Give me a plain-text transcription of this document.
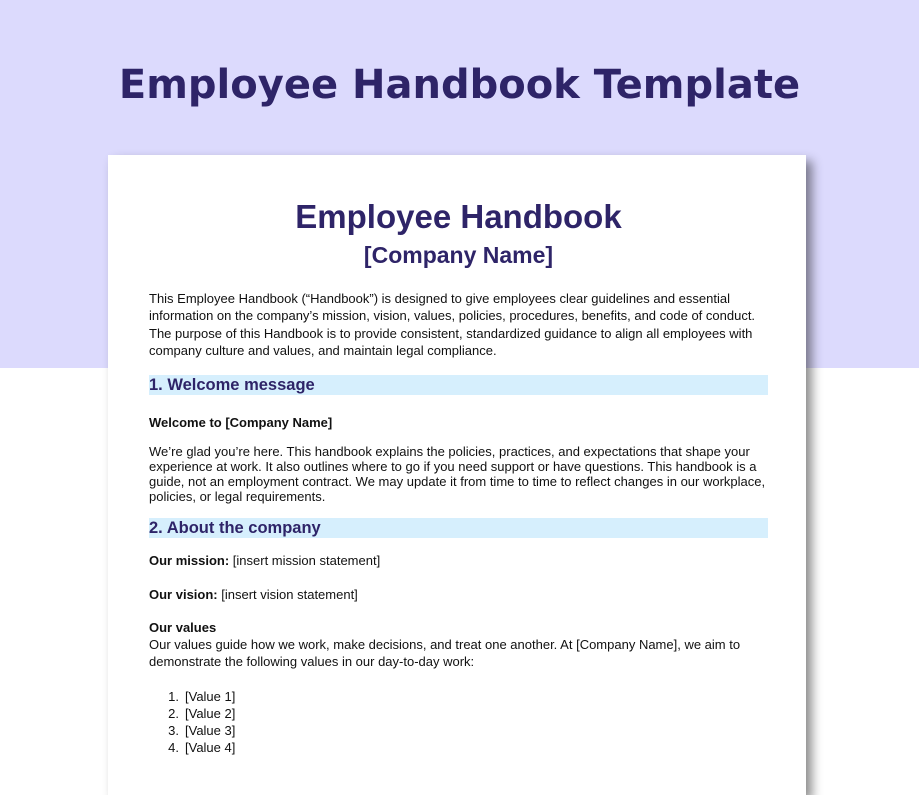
Employee Handbook Template
Employee Handbook
[Company Name]

This Employee Handbook (“Handbook”) is designed to give employees clear guidelines and essential information on the company’s mission, vision, values, policies, procedures, benefits, and code of conduct. The purpose of this Handbook is to provide consistent, standardized guidance to align all employees with company culture and values, and maintain legal compliance.

1. Welcome message

Welcome to [Company Name]

We’re glad you’re here. This handbook explains the policies, practices, and expectations that shape your experience at work. It also outlines where to go if you need support or have questions. This handbook is a guide, not an employment contract. We may update it from time to time to reflect changes in our workplace, policies, or legal requirements.

2. About the company

Our mission: [insert mission statement]

Our vision: [insert vision statement]

Our values

Our values guide how we work, make decisions, and treat one another. At [Company Name], we aim to demonstrate the following values in our day-to-day work:

1. [Value 1]
2. [Value 2]
3. [Value 3]
4. [Value 4]
